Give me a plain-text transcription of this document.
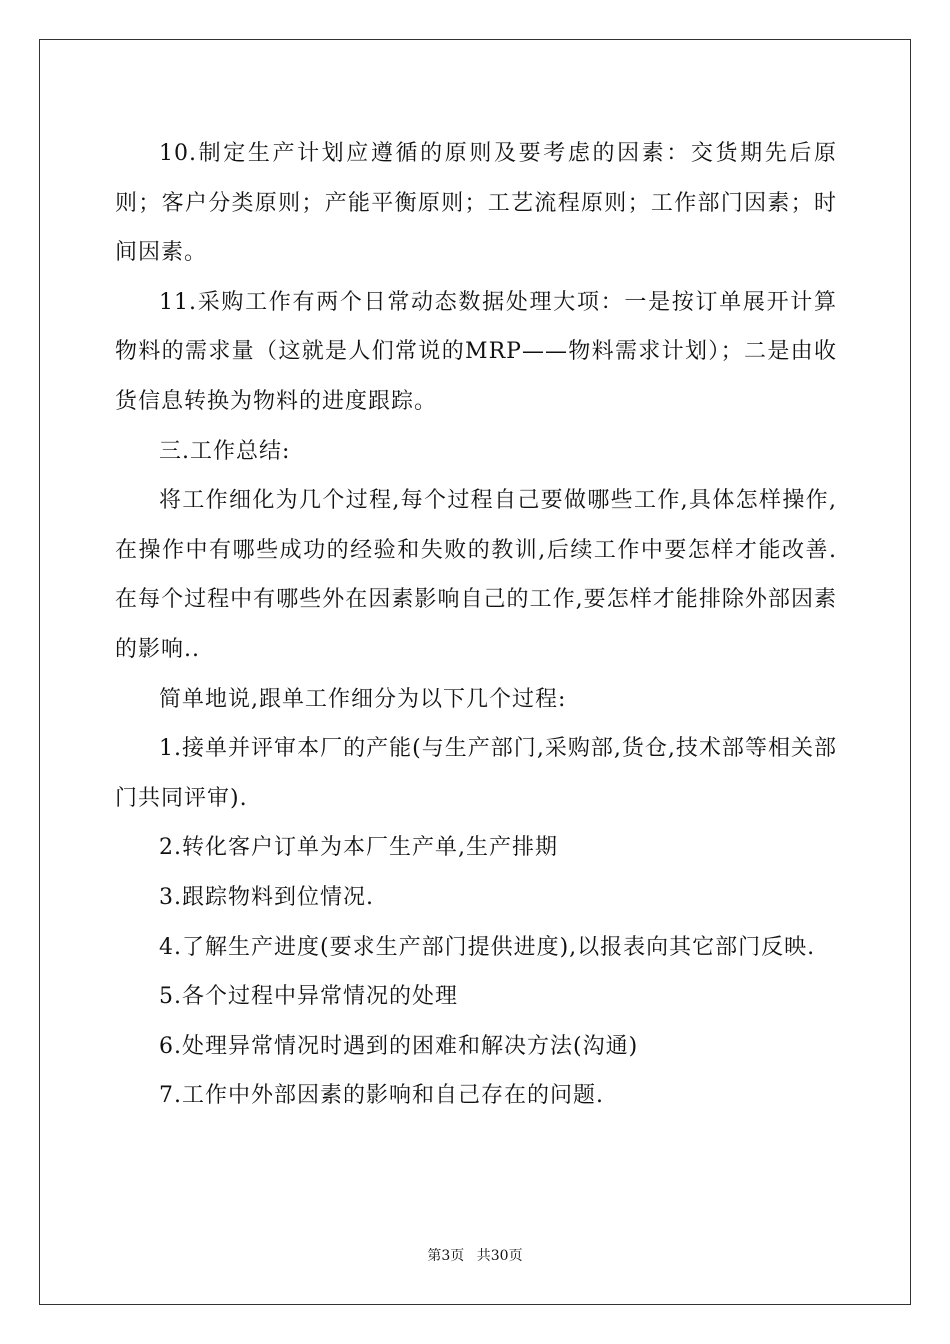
10.制定生产计划应遵循的原则及要考虑的因素：交货期先后原则；客户分类原则；产能平衡原则；工艺流程原则；工作部门因素；时间因素。

11.采购工作有两个日常动态数据处理大项：一是按订单展开计算物料的需求量（这就是人们常说的MRP——物料需求计划）；二是由收货信息转换为物料的进度跟踪。

三.工作总结:

将工作细化为几个过程,每个过程自己要做哪些工作,具体怎样操作,在操作中有哪些成功的经验和失败的教训,后续工作中要怎样才能改善.在每个过程中有哪些外在因素影响自己的工作,要怎样才能排除外部因素的影响..

简单地说,跟单工作细分为以下几个过程:

1.接单并评审本厂的产能(与生产部门,采购部,货仓,技术部等相关部门共同评审).

2.转化客户订单为本厂生产单,生产排期

3.跟踪物料到位情况.

4.了解生产进度(要求生产部门提供进度),以报表向其它部门反映.

5.各个过程中异常情况的处理

6.处理异常情况时遇到的困难和解决方法(沟通)

7.工作中外部因素的影响和自己存在的问题.

第3页 共30页
